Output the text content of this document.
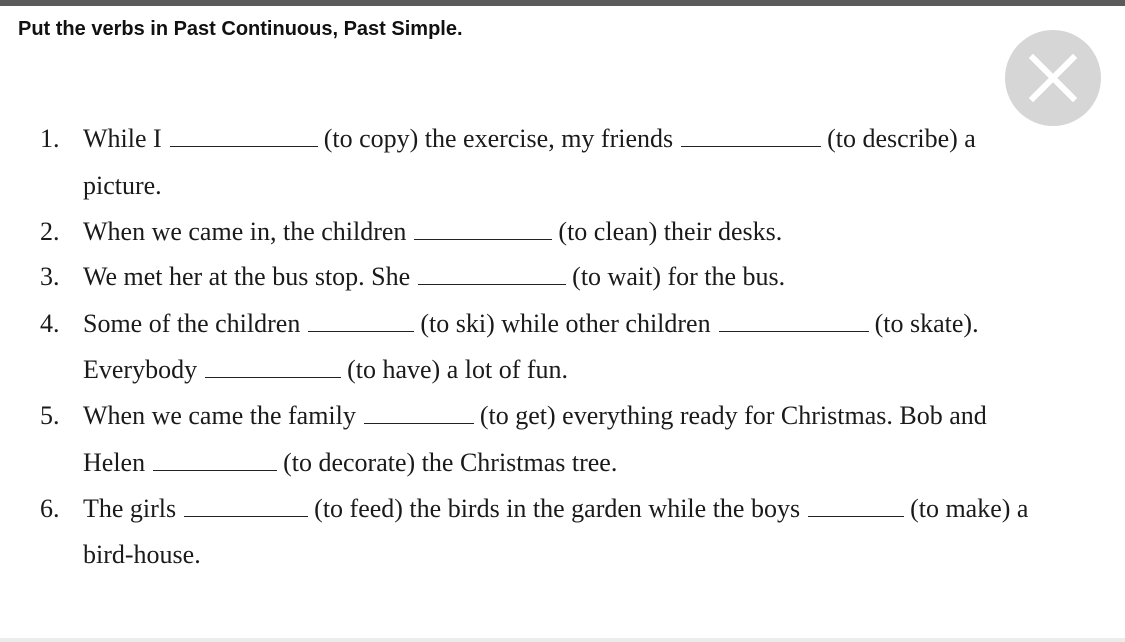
Put the verbs in Past Continuous, Past Simple.
1. While I	(to copy) the exercise, my friends	(to describe) a
picture.
2. When we came in, the children	(to clean) their desks.
3. We met her at the bus stop. She	(to wait) for the bus.
4. Some of the children	(to ski) while other children	(to skate).
Everybody	(to have) a lot of fun.
5. When we came the family	(to get) everything ready for Christmas. Bob and
Helen	(to decorate) the Christmas tree.
6. The girls	(to feed) the birds in the garden while the boys	(to make) a
bird-house.
